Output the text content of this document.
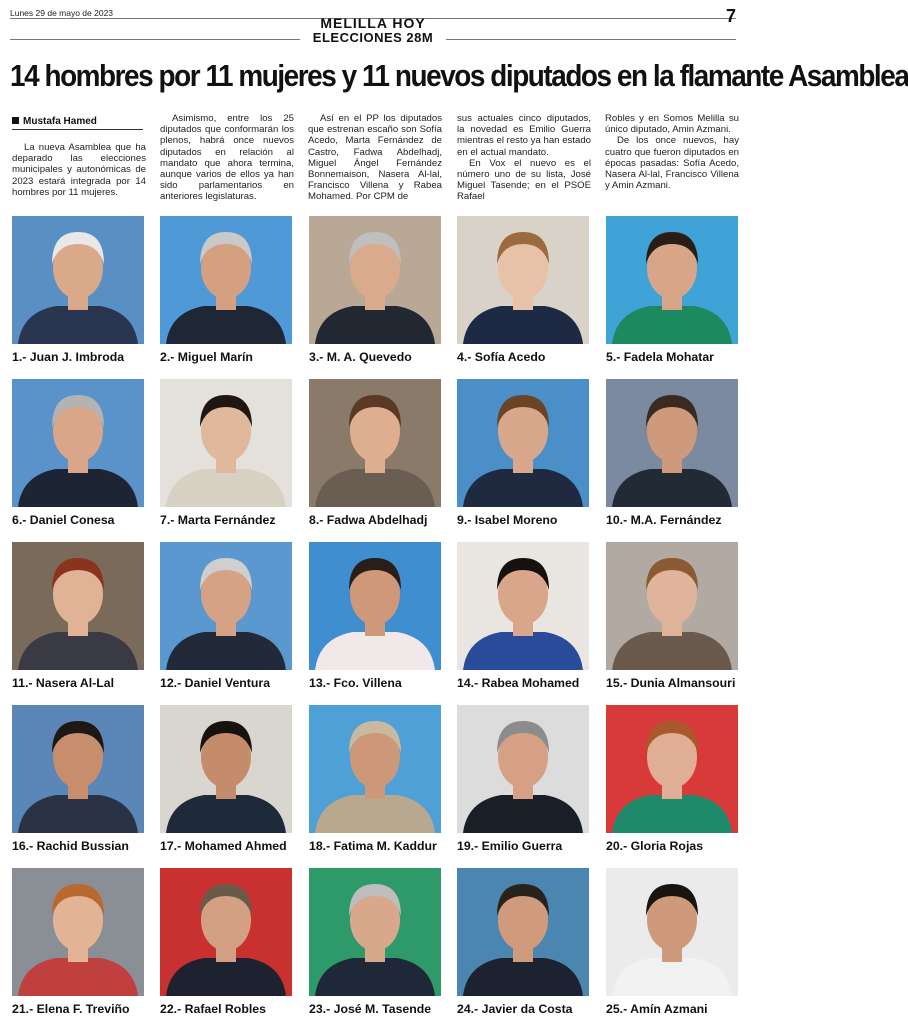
Lunes 29 de mayo de 2023
MELILLA HOY
ELECCIONES 28M
7
14 hombres por 11 mujeres y 11 nuevos diputados en la flamante Asamblea
Mustafa Hamed

La nueva Asamblea que ha deparado las elecciones municipales y autonómicas de 2023 estará integrada por 14 hombres por 11 mujeres.

Asimismo, entre los 25 diputados que conformarán los plenos, habrá once nuevos diputados en relación al mandato que ahora termina, aunque varios de ellos ya han sido parlamentarios en anteriores legislaturas.

Así en el PP los diputados que estrenan escaño son Sofía Acedo, Marta Fernández de Castro, Fadwa Abdelhadj, Miguel Ángel Fernández Bonnemaison, Nasera Al-lal, Francisco Villena y Rabea Mohamed. Por CPM de

sus actuales cinco diputados, la novedad es Emilio Guerra mientras el resto ya han estado en el actual mandato.

En Vox el nuevo es el número uno de su lista, José Miguel Tasende; en el PSOE Rafael

Robles y en Somos Melilla su único diputado, Amin Azmani.

De los once nuevos, hay cuatro que fueron diputados en épocas pasadas: Sofía Acedo, Nasera Al-lal, Francisco Villena y Amin Azmani.

1.- Juan J. Imbroda	2.- Miguel Marín	3.- M. A. Quevedo	4.- Sofía Acedo	5.- Fadela Mohatar
6.- Daniel Conesa	7.- Marta Fernández	8.- Fadwa Abdelhadj	9.- Isabel Moreno	10.- M.A. Fernández
11.- Nasera Al-Lal	12.- Daniel Ventura	13.- Fco. Villena	14.- Rabea Mohamed	15.- Dunia Almansouri
16.- Rachid Bussian	17.- Mohamed Ahmed	18.- Fatima M. Kaddur	19.- Emilio Guerra	20.- Gloria Rojas
21.- Elena F. Treviño	22.- Rafael Robles	23.- José M. Tasende	24.- Javier da Costa	25.- Amín Azmani
